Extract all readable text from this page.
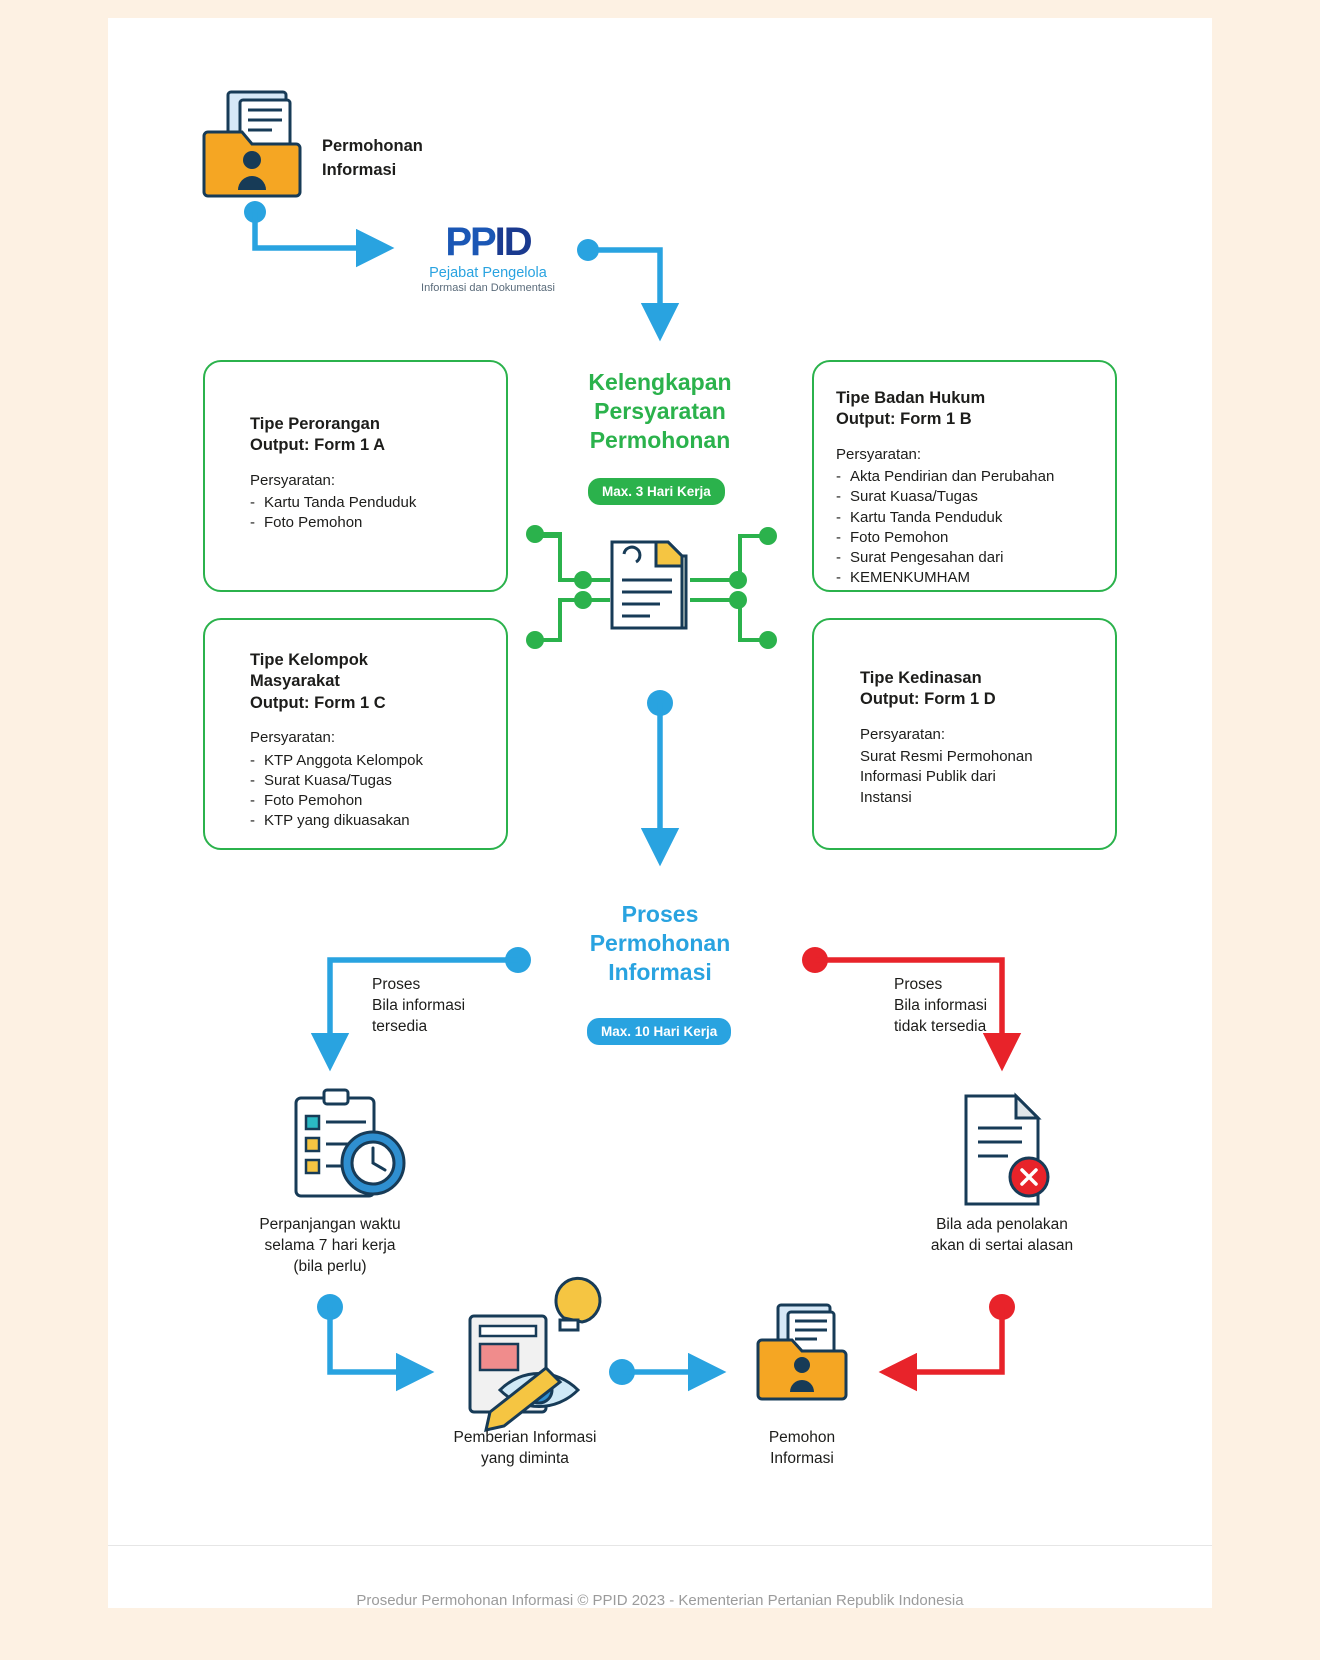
Permohonan
Informasi
PPID
Pejabat Pengelola
Informasi dan Dokumentasi
Kelengkapan
Persyaratan
Permohonan
Max. 3 Hari Kerja
Proses
Permohonan
Informasi
Max. 10 Hari Kerja
Tipe Perorangan
Output: Form 1 A
Persyaratan:
- Kartu Tanda Penduduk
- Foto Pemohon
Tipe Badan Hukum
Output: Form 1 B
Persyaratan:
- Akta Pendirian dan Perubahan
- Surat Kuasa/Tugas
- Kartu Tanda Penduduk
- Foto Pemohon
- Surat Pengesahan dari
- KEMENKUMHAM
Tipe Kelompok
Masyarakat
Output: Form 1 C
Persyaratan:
- KTP Anggota Kelompok
- Surat Kuasa/Tugas
- Foto Pemohon
- KTP yang dikuasakan
Tipe Kedinasan
Output: Form 1 D
Persyaratan:
Surat Resmi Permohonan
Informasi Publik dari
Instansi
Proses
Bila informasi
tersedia
Proses
Bila informasi
tidak tersedia
Perpanjangan waktu
selama 7 hari kerja
(bila perlu)
Bila ada penolakan
akan di sertai alasan
Pemberian Informasi
yang diminta
Pemohon
Informasi
Prosedur Permohonan Informasi © PPID 2023 - Kementerian Pertanian Republik Indonesia
